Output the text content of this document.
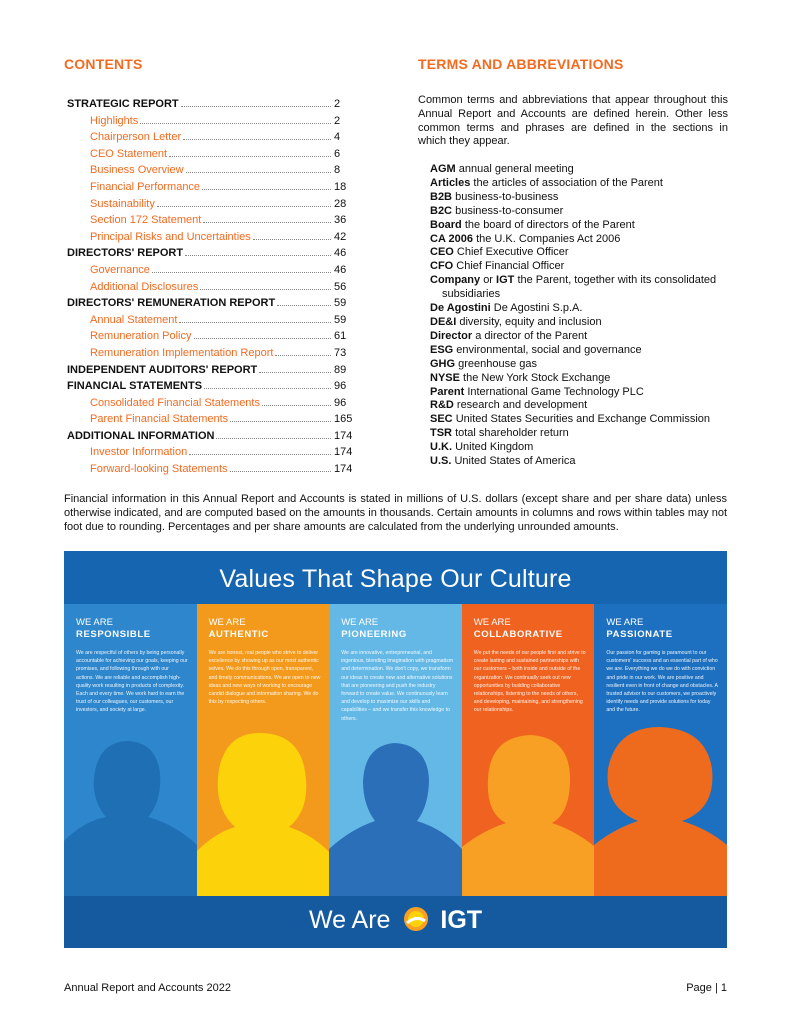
CONTENTS	TERMS AND ABBREVIATIONS
STRATEGIC REPORT	2
Highlights	2
Chairperson Letter	4
CEO Statement	6
Business Overview	8
Financial Performance	18
Sustainability	28
Section 172 Statement	36
Principal Risks and Uncertainties	42
DIRECTORS' REPORT	46
Governance	46
Additional Disclosures	56
DIRECTORS' REMUNERATION REPORT	59
Annual Statement	59
Remuneration Policy	61
Remuneration Implementation Report	73
INDEPENDENT AUDITORS' REPORT	89
FINANCIAL STATEMENTS	96
Consolidated Financial Statements	96
Parent Financial Statements	165
ADDITIONAL INFORMATION	174
Investor Information	174
Forward-looking Statements	174
Common terms and abbreviations that appear throughout this Annual Report and Accounts are defined herein. Other less common terms and phrases are defined in the sections in which they appear.
AGM annual general meeting
Articles the articles of association of the Parent
B2B business-to-business
B2C business-to-consumer
Board the board of directors of the Parent
CA 2006 the U.K. Companies Act 2006
CEO Chief Executive Officer
CFO Chief Financial Officer
Company or IGT the Parent, together with its consolidated subsidiaries
De Agostini De Agostini S.p.A.
DE&I diversity, equity and inclusion
Director a director of the Parent
ESG environmental, social and governance
GHG greenhouse gas
NYSE the New York Stock Exchange
Parent International Game Technology PLC
R&D research and development
SEC United States Securities and Exchange Commission
TSR total shareholder return
U.K. United Kingdom
U.S. United States of America
Financial information in this Annual Report and Accounts is stated in millions of U.S. dollars (except share and per share data) unless otherwise indicated, and are computed based on the amounts in thousands. Certain amounts in columns and rows within tables may not foot due to rounding. Percentages and per share amounts are calculated from the underlying unrounded amounts.
Values That Shape Our Culture
WE ARE
RESPONSIBLE
We are respectful of others by being personally accountable for achieving our goals, keeping our promises, and following through with our actions. We are reliable and accomplish high-quality work resulting in products of complexity. Each and every time. We work hard to earn the trust of our colleagues, our customers, our investors, and society at large.
WE ARE
AUTHENTIC
We are honest, real people who strive to deliver excellence by showing up as our most authentic selves. We do this through open, transparent, and timely communications. We are open to new ideas and new ways of working to encourage candid dialogue and information sharing. We do this by respecting others.
WE ARE
PIONEERING
We are innovative, entrepreneurial, and ingenious, blending imagination with pragmatism and determination. We don't copy, we transform our ideas to create new and alternative solutions that are pioneering and push the industry forward to create value. We continuously learn and develop to maximize our skills and capabilities – and we transfer this knowledge to others.
WE ARE
COLLABORATIVE
We put the needs of our people first and strive to create lasting and sustained partnerships with our customers – both inside and outside of the organization. We continually seek out new opportunities by building collaborative relationships, listening to the needs of others, and developing, maintaining, and strengthening our relationships.
WE ARE
PASSIONATE
Our passion for gaming is paramount to our customers' success and an essential part of who we are. Everything we do we do with conviction and pride in our work. We are positive and resilient even in front of change and obstacles. A trusted advisor to our customers, we proactively identify needs and provide solutions for today and the future.
We Are IGT
Annual Report and Accounts 2022	Page | 1
